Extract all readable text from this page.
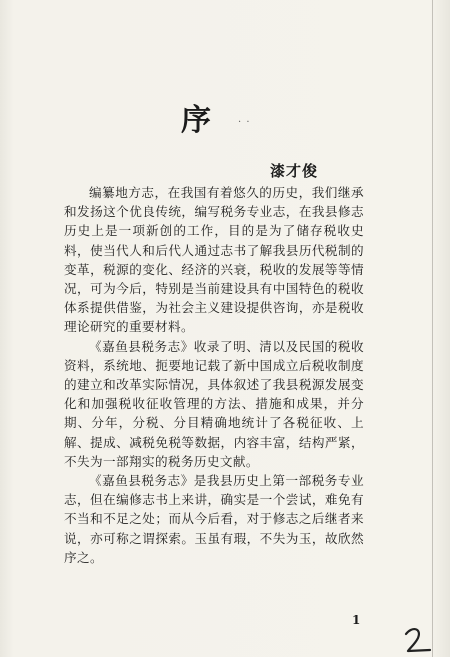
序	· ·
漆才俊

编纂地方志，在我国有着悠久的历史，我们继承和发扬这个优良传统，编写税务专业志，在我县修志历史上是一项新创的工作，目的是为了储存税收史料，使当代人和后代人通过志书了解我县历代税制的变革，税源的变化、经济的兴衰，税收的发展等等情况，可为今后，特别是当前建设具有中国特色的税收体系提供借鉴，为社会主义建设提供咨询，亦是税收理论研究的重要材料。

《嘉鱼县税务志》收录了明、清以及民国的税收资料，系统地、扼要地记载了新中国成立后税收制度的建立和改革实际情况，具体叙述了我县税源发展变化和加强税收征收管理的方法、措施和成果，并分期、分年，分税、分目精确地统计了各税征收、上解、提成、减税免税等数据，内容丰富，结构严紧，不失为一部翔实的税务历史文献。

《嘉鱼县税务志》是我县历史上第一部税务专业志，但在编修志书上来讲，确实是一个尝试，难免有不当和不足之处；而从今后看，对于修志之后继者来说，亦可称之谓探索。玉虽有瑕，不失为玉，故欣然序之。

1
